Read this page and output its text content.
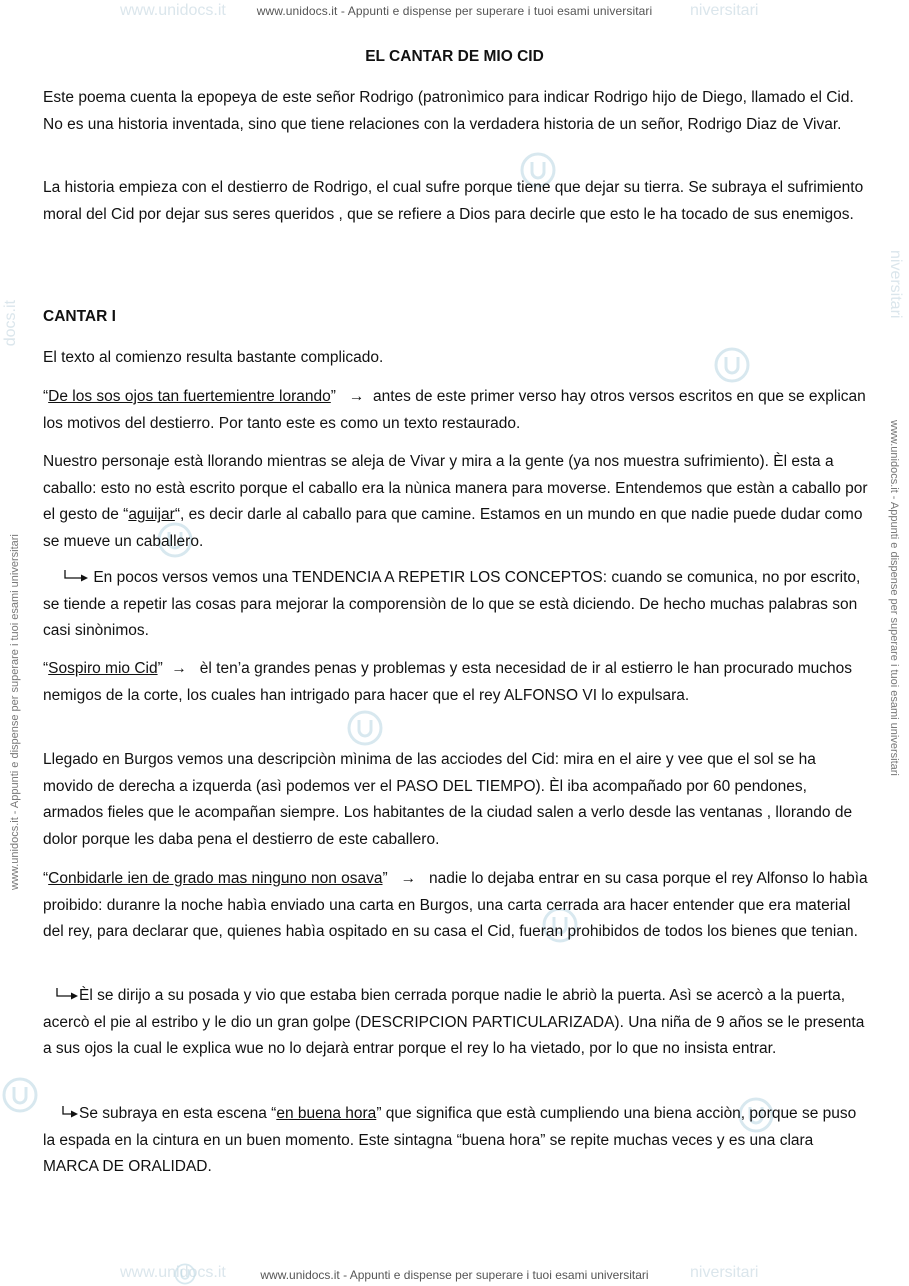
www.unidocs.it	niversitari
www.unidocs.it - Appunti e dispense per superare i tuoi esami universitari
www.unidocs.it	niversitari
www.unidocs.it - Appunti e dispense per superare i tuoi esami universitari
docs.it
niversitari
www.unidocs.it - Appunti e dispense per superare i tuoi esami universitari	www.unidocs.it - Appunti e dispense per superare i tuoi esami universitari
EL CANTAR DE MIO CID

Este poema cuenta la epopeya de este señor Rodrigo (patronìmico para indicar Rodrigo hijo de Diego, llamado el Cid. No es una historia inventada, sino que tiene relaciones con la verdadera historia de un señor, Rodrigo Diaz de Vivar.

La historia empieza con el destierro de Rodrigo, el cual sufre porque tiene que dejar su tierra. Se subraya el sufrimiento moral del Cid por dejar sus seres queridos , que se refiere a Dios para decirle que esto le ha tocado de sus enemigos.

CANTAR I

El texto al comienzo resulta bastante complicado.

“De los sos ojos tan fuertemientre lorando” → antes de este primer verso hay otros versos escritos en que se explican los motivos del destierro. Por tanto este es como un texto restaurado.

Nuestro personaje està llorando mientras se aleja de Vivar y mira a la gente (ya nos muestra sufrimiento). Èl esta a caballo: esto no està escrito porque el caballo era la nùnica manera para moverse. Entendemos que estàn a caballo por el gesto de “aguijar“, es decir darle al caballo para que camine. Estamos en un mundo en que nadie puede dudar como se mueve un caballero.

En pocos versos vemos una TENDENCIA A REPETIR LOS CONCEPTOS: cuando se comunica, no por escrito, se tiende a repetir las cosas para mejorar la comporensiòn de lo que se està diciendo. De hecho muchas palabras son casi sinònimos.

“Sospiro mio Cid” → èl ten’a grandes penas y problemas y esta necesidad de ir al estierro le han procurado muchos nemigos de la corte, los cuales han intrigado para hacer que el rey ALFONSO VI lo expulsara.

Llegado en Burgos vemos una descripciòn mìnima de las acciodes del Cid: mira en el aire y vee que el sol se ha movido de derecha a izquerda (asì podemos ver el PASO DEL TIEMPO). Èl iba acompañado por 60 pendones, armados fieles que le acompañan siempre. Los habitantes de la ciudad salen a verlo desde las ventanas , llorando de dolor porque les daba pena el destierro de este caballero.

“Conbidarle ien de grado mas ninguno non osava” → nadie lo dejaba entrar en su casa porque el rey Alfonso lo habìa proibido: duranre la noche habìa enviado una carta en Burgos, una carta cerrada ara hacer entender que era material del rey, para declarar que, quienes habìa ospitado en su casa el Cid, fueran prohibidos de todos los bienes que tenian.

Èl se dirijo a su posada y vio que estaba bien cerrada porque nadie le abriò la puerta. Asì se acercò a la puerta, acercò el pie al estribo y le dio un gran golpe (DESCRIPCION PARTICULARIZADA). Una niña de 9 años se le presenta a sus ojos la cual le explica wue no lo dejarà entrar porque el rey lo ha vietado, por lo que no insista entrar.

Se subraya en esta escena “en buena hora” que significa que està cumpliendo una biena acciòn, porque se puso la espada en la cintura en un buen momento. Este sintagna “buena hora” se repite muchas veces y es una clara MARCA DE ORALIDAD.
